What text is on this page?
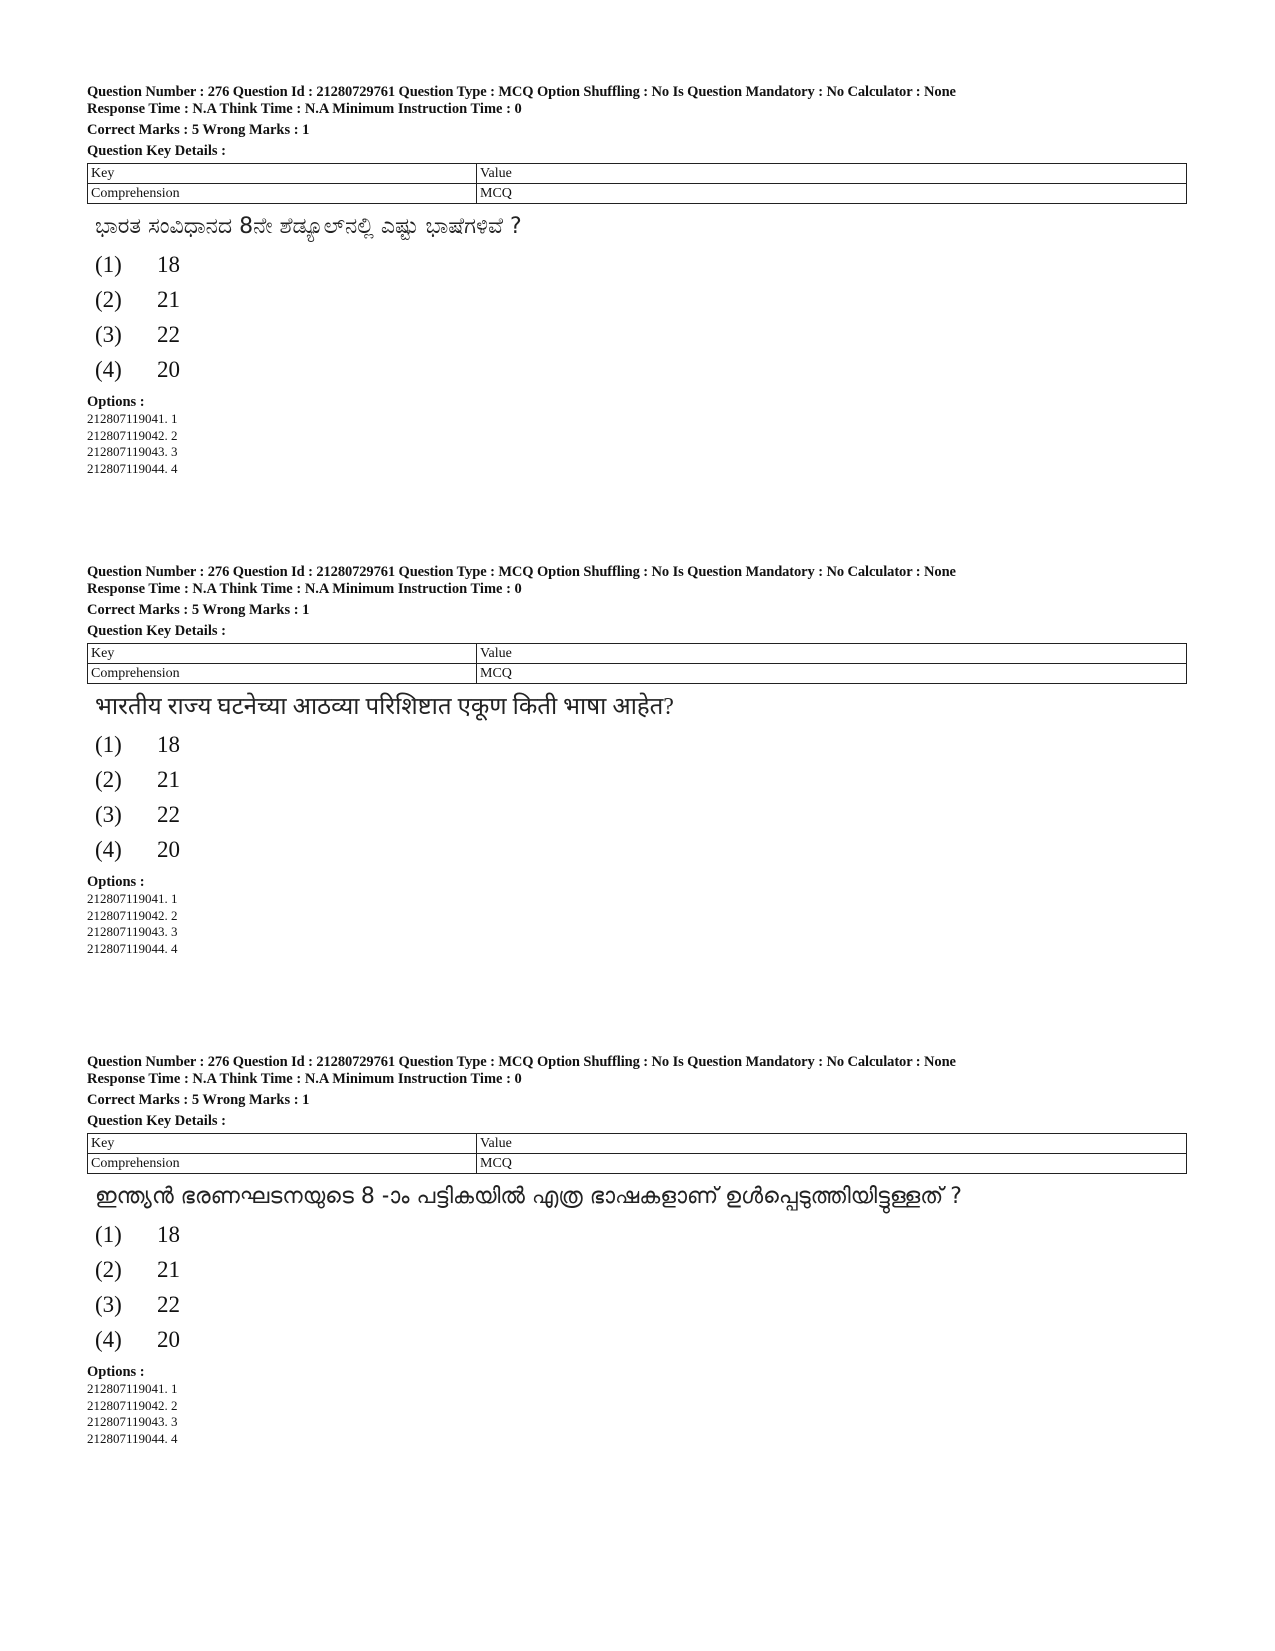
Question Number : 276 Question Id : 21280729761 Question Type : MCQ Option Shuffling : No Is Question Mandatory : No Calculator : None
Response Time : N.A Think Time : N.A Minimum Instruction Time : 0
Correct Marks : 5 Wrong Marks : 1
Question Key Details :
Key	Value
Comprehension	MCQ
ಭಾರತ ಸಂವಿಧಾನದ 8ನೇ ಶೆಡ್ಯೂಲ್‌ನಲ್ಲಿ ಎಷ್ಟು ಭಾಷೆಗಳಿವೆ ?
(1)	18
(2)	21
(3)	22
(4)	20
Options :
212807119041. 1
212807119042. 2
212807119043. 3
212807119044. 4
Question Number : 276 Question Id : 21280729761 Question Type : MCQ Option Shuffling : No Is Question Mandatory : No Calculator : None
Response Time : N.A Think Time : N.A Minimum Instruction Time : 0
Correct Marks : 5 Wrong Marks : 1
Question Key Details :
Key	Value
Comprehension	MCQ
भारतीय राज्य घटनेच्या आठव्या परिशिष्टात एकूण किती भाषा आहेत?
(1)	18
(2)	21
(3)	22
(4)	20
Options :
212807119041. 1
212807119042. 2
212807119043. 3
212807119044. 4
Question Number : 276 Question Id : 21280729761 Question Type : MCQ Option Shuffling : No Is Question Mandatory : No Calculator : None
Response Time : N.A Think Time : N.A Minimum Instruction Time : 0
Correct Marks : 5 Wrong Marks : 1
Question Key Details :
Key	Value
Comprehension	MCQ
ഇന്ത്യൻ ഭരണഘടനയുടെ 8 -ാം പട്ടികയിൽ എത്ര ഭാഷകളാണ് ഉൾപ്പെടുത്തിയിട്ടുള്ളത് ?
(1)	18
(2)	21
(3)	22
(4)	20
Options :
212807119041. 1
212807119042. 2
212807119043. 3
212807119044. 4
